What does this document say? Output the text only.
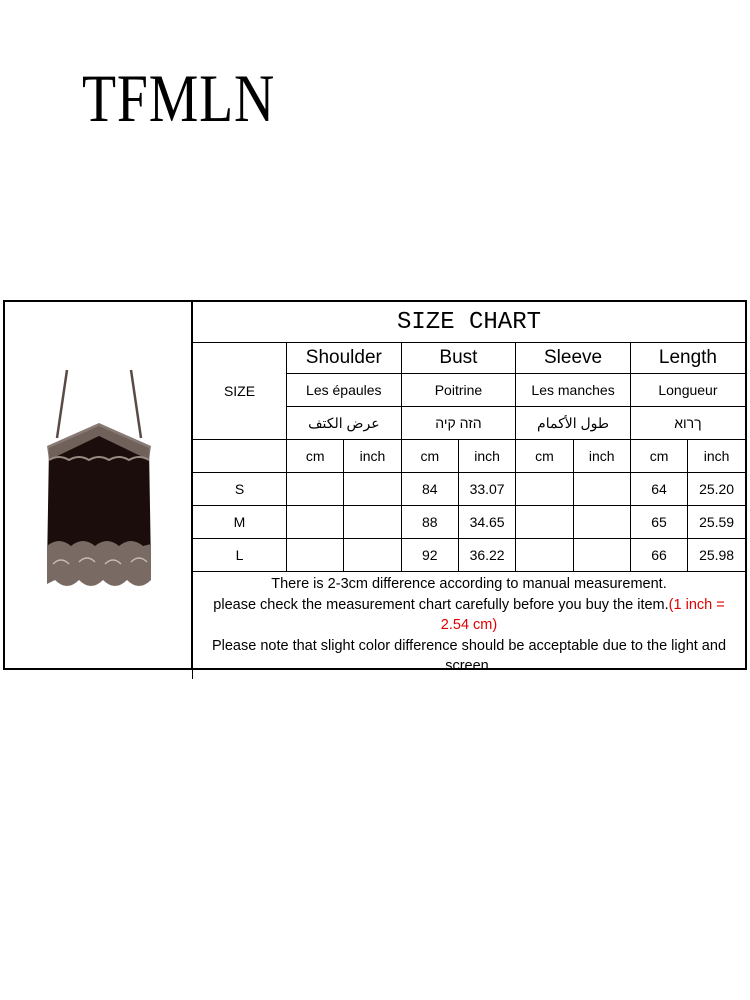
TFMLN
SIZE CHART								
SIZE	Shoulder		Bust		Sleeve		Length	
	Les épaules		Poitrine		Les manches		Longueur	
	عرض الكتف		הזה קיה		طول الأكمام		ךרוא	
	cm	inch	cm	inch	cm	inch	cm	inch
S			84	33.07			64	25.20
M			88	34.65			65	25.59
L			92	36.22			66	25.98

There is 2-3cm difference according to manual measurement.
please check the measurement chart carefully before you buy the item.(1 inch = 2.54 cm)
Please note that slight color difference should be acceptable due to the light and screen.								
